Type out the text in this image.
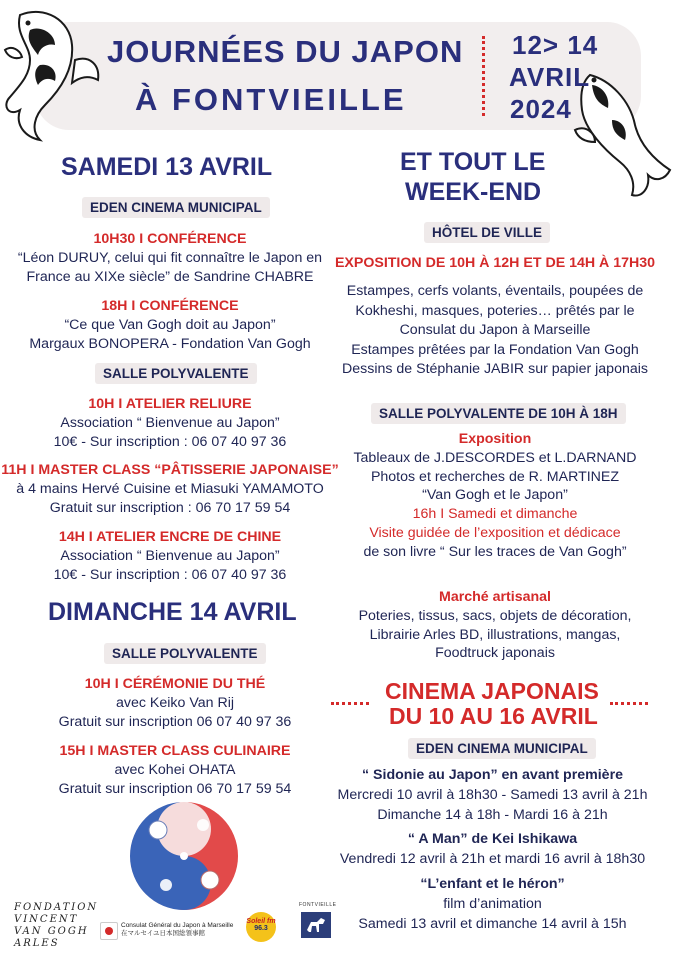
JOURNÉES DU JAPON
À FONTVIEILLE
12> 14
AVRIL
2024
SAMEDI 13 AVRIL
EDEN CINEMA MUNICIPAL
10H30 I CONFÉRENCE
“Léon DURUY, celui qui fit connaître le Japon en
France au XIXe siècle” de Sandrine CHABRE
18H I CONFÉRENCE
“Ce que Van Gogh doit au Japon”
Margaux BONOPERA - Fondation Van Gogh
SALLE POLYVALENTE
10H I ATELIER RELIURE
Association “ Bienvenue au Japon”
10€ - Sur inscription : 06 07 40 97 36
11H I MASTER CLASS “PÂTISSERIE JAPONAISE”
à 4 mains Hervé Cuisine et Miasuki YAMAMOTO
Gratuit sur inscription : 06 70 17 59 54
14H I ATELIER ENCRE DE CHINE
Association “ Bienvenue au Japon”
10€ - Sur inscription : 06 07 40 97 36
DIMANCHE 14 AVRIL
SALLE POLYVALENTE
10H I CÉRÉMONIE DU THÉ
avec Keiko Van Rij
Gratuit sur inscription 06 07 40 97 36
15H I MASTER CLASS CULINAIRE
avec Kohei OHATA
Gratuit sur inscription 06 70 17 59 54
ET TOUT LE
WEEK-END
HÔTEL DE VILLE
EXPOSITION DE 10H À 12H ET DE 14H À 17H30
Estampes, cerfs volants, éventails, poupées de
Kokheshi, masques, poteries… prêtés par le
Consulat du Japon à Marseille
Estampes prêtées par la Fondation Van Gogh
Dessins de Stéphanie JABIR sur papier japonais
SALLE POLYVALENTE DE 10H À 18H
Exposition
Tableaux de J.DESCORDES et L.DARNAND
Photos et recherches de R. MARTINEZ
“Van Gogh et le Japon”
16h I Samedi et dimanche
Visite guidée de l’exposition et dédicace
de son livre “ Sur les traces de Van Gogh”
Marché artisanal
Poteries, tissus, sacs, objets de décoration,
Librairie Arles BD, illustrations, mangas,
Foodtruck japonais
CINEMA JAPONAIS
DU 10 AU 16 AVRIL
EDEN CINEMA MUNICIPAL
“ Sidonie au Japon” en avant première
Mercredi 10 avril à 18h30 - Samedi 13 avril à 21h
Dimanche 14 à 18h - Mardi 16 à 21h
“ A Man” de Kei Ishikawa
Vendredi 12 avril à 21h et mardi 16 avril à 18h30
“L’enfant et le héron”
film d’animation
Samedi 13 avril et dimanche 14 avril à 15h
FONDATION
VINCENT
VAN GOGH
ARLES
Consulat Général du Japon à Marseille
在マルセイユ日本国総領事館
Soleil fm
96.3
FONTVIEILLE
